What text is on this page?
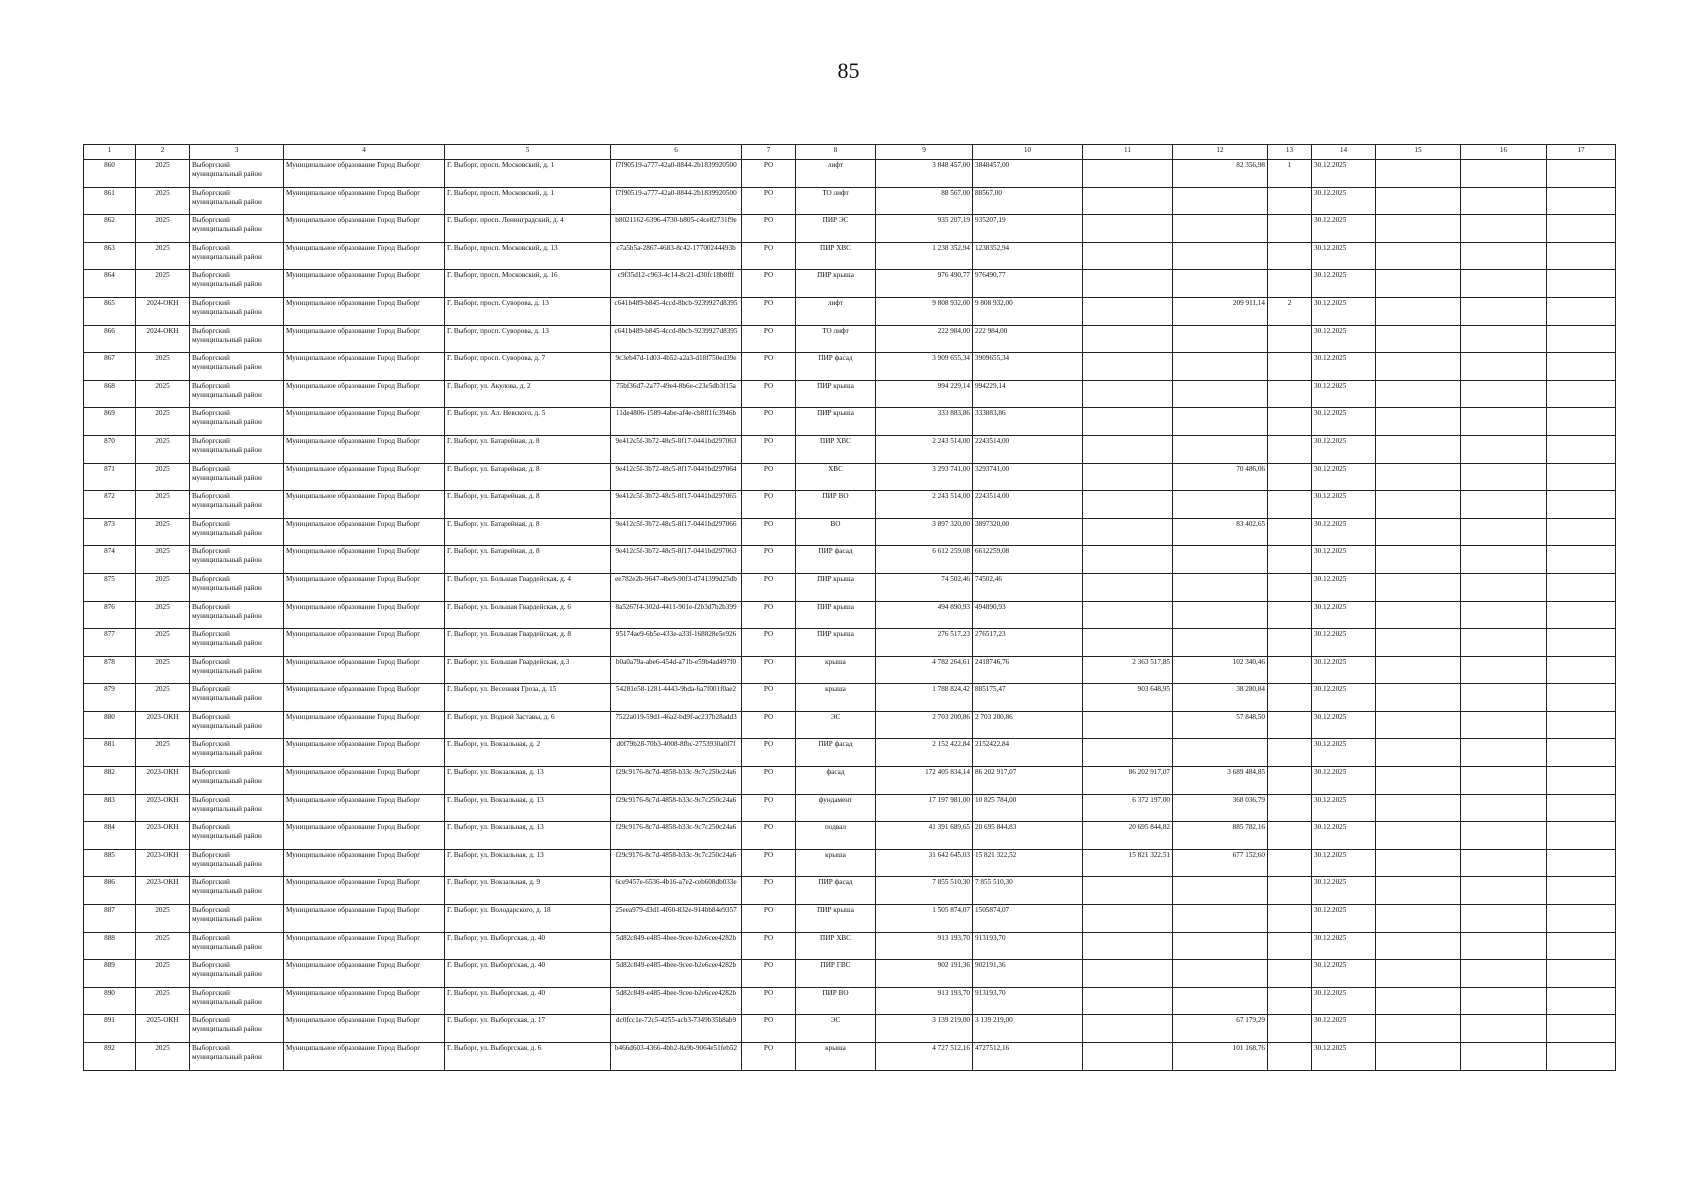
85
1	2	3	4	5	6	7	8	9	10	11	12	13	14	15	16	17
860	2025	Выборгский муниципальный район	Муниципальное образование Город Выборг	Г. Выборг, просп. Московский, д. 1	f7f90519-a777-42a0-8844-2b1839920500	РО	лифт	3 848 457,00	3848457,00		82 356,98	1	30.12.2025			
861	2025	Выборгский муниципальный район	Муниципальное образование Город Выборг	Г. Выборг, просп. Московский, д. 1	f7f90519-a777-42a0-8844-2b1839920500	РО	ТО лифт	88 567,00	88567,00				30.12.2025			
862	2025	Выборгский муниципальный район	Муниципальное образование Город Выборг	Г. Выборг, просп. Ленинградский, д. 4	b8021162-6396-4730-b805-c4ce82731f9e	РО	ПИР ЭС	935 207,19	935207,19				30.12.2025			
863	2025	Выборгский муниципальный район	Муниципальное образование Город Выборг	Г. Выборг, просп. Московский, д. 13	c7a5b5a-2867-4683-8c42-17700244493b	РО	ПИР ХВС	1 238 352,94	1238352,94				30.12.2025			
864	2025	Выборгский муниципальный район	Муниципальное образование Город Выборг	Г. Выборг, просп. Московский, д. 16	c9f35d12-c963-4c14-8c21-d30fc18b8fff	РО	ПИР крыша	976 490,77	976490,77				30.12.2025			
865	2024-ОКН	Выборгский муниципальный район	Муниципальное образование Город Выборг	Г. Выборг, просп. Суворова, д. 13	c641b489-b845-4ccd-8bcb-9239927d8395	РО	лифт	9 808 932,00	9 808 932,00		209 911,14	2	30.12.2025			
866	2024-ОКН	Выборгский муниципальный район	Муниципальное образование Город Выборг	Г. Выборг, просп. Суворова, д. 13	c641b489-b845-4ccd-8bcb-9239927d8395	РО	ТО лифт	222 984,00	222 984,00				30.12.2025			
867	2025	Выборгский муниципальный район	Муниципальное образование Город Выборг	Г. Выборг, просп. Суворова, д. 7	9c3eb47d-1d03-4b52-a2a3-d18f750ed39e	РО	ПИР фасад	3 909 655,34	3909655,34				30.12.2025			
868	2025	Выборгский муниципальный район	Муниципальное образование Город Выборг	Г. Выборг, ул. Акулова, д. 2	75bf36d7-2a77-49e4-8b6e-c23e5db3f15a	РО	ПИР крыша	994 229,14	994229,14				30.12.2025			
869	2025	Выборгский муниципальный район	Муниципальное образование Город Выборг	Г. Выборг, ул. Ал. Невского, д. 5	11de4806-1589-4abe-af4e-cb8ff1fc3946b	РО	ПИР крыша	333 883,86	333883,86				30.12.2025			
870	2025	Выборгский муниципальный район	Муниципальное образование Город Выборг	Г. Выборг, ул. Батарейная, д. 8	9e412c5f-3b72-48c5-8f17-0441bd297063	РО	ПИР ХВС	2 243 514,00	2243514,00				30.12.2025			
871	2025	Выборгский муниципальный район	Муниципальное образование Город Выборг	Г. Выборг, ул. Батарейная, д. 8	9e412c5f-3b72-48c5-8f17-0441bd297064	РО	ХВС	3 293 741,00	3293741,00		70 486,06		30.12.2025			
872	2025	Выборгский муниципальный район	Муниципальное образование Город Выборг	Г. Выборг, ул. Батарейная, д. 8	9e412c5f-3b72-48c5-8f17-0441bd297065	РО	ПИР ВО	2 243 514,00	2243514,00				30.12.2025			
873	2025	Выборгский муниципальный район	Муниципальное образование Город Выборг	Г. Выборг, ул. Батарейная, д. 8	9e412c5f-3b72-48c5-8f17-0441bd297066	РО	ВО	3 897 320,00	3897320,00		83 402,65		30.12.2025			
874	2025	Выборгский муниципальный район	Муниципальное образование Город Выборг	Г. Выборг, ул. Батарейная, д. 8	9e412c5f-3b72-48c5-8f17-0441bd297063	РО	ПИР фасад	6 612 259,08	6612259,08				30.12.2025			
875	2025	Выборгский муниципальный район	Муниципальное образование Город Выборг	Г. Выборг, ул. Большая Гвардейская, д. 4	ee782e2b-9647-4be9-90f3-d741399d25db	РО	ПИР крыша	74 502,46	74502,46				30.12.2025			
876	2025	Выборгский муниципальный район	Муниципальное образование Город Выборг	Г. Выборг, ул. Большая Гвардейская, д. 6	8a5267f4-302d-4411-901e-f2b3d7b2b399	РО	ПИР крыша	494 890,93	494890,93				30.12.2025			
877	2025	Выборгский муниципальный район	Муниципальное образование Город Выборг	Г. Выборг, ул. Большая Гвардейская, д. 8	95174ae9-6b5e-433e-a33f-168828e5e926	РО	ПИР крыша	276 517,23	276517,23				30.12.2025			
878	2025	Выборгский муниципальный район	Муниципальное образование Город Выборг	Г. Выборг, ул. Большая Гвардейская, д.3	b0a0a79a-abe6-454d-a71b-e59b4ad497f0	РО	крыша	4 782 264,61	2418746,76	2 363 517,85	102 340,46		30.12.2025			
879	2025	Выборгский муниципальный район	Муниципальное образование Город Выборг	Г. Выборг, ул. Весенняя Гроза, д. 15	54281e58-1281-4443-9bda-6a7f001f0ae2	РО	крыша	1 788 824,42	885175,47	903 648,95	38 280,84		30.12.2025			
880	2023-ОКН	Выборгский муниципальный район	Муниципальное образование Город Выборг	Г. Выборг, ул. Водной Заставы, д. 6	7522a019-59d1-46a2-bd9f-ac237b28add3	РО	ЭС	2 703 200,86	2 703 200,86		57 848,50		30.12.2025			
881	2025	Выборгский муниципальный район	Муниципальное образование Город Выборг	Г. Выборг, ул. Вокзальная, д. 2	d0f79b28-70b3-4008-8fbc-2753930a0f7f	РО	ПИР фасад	2 152 422,84	2152422,84				30.12.2025			
882	2023-ОКН	Выборгский муниципальный район	Муниципальное образование Город Выборг	Г. Выборг, ул. Вокзальная, д. 13	f29c9176-8c7d-4858-b33c-9c7c250c24a6	РО	фасад	172 405 834,14	86 202 917,07	86 202 917,07	3 689 484,85		30.12.2025			
883	2023-ОКН	Выборгский муниципальный район	Муниципальное образование Город Выборг	Г. Выборг, ул. Вокзальная, д. 13	f29c9176-8c7d-4858-b33c-9c7c250c24a6	РО	фундамент	17 197 981,00	10 825 784,00	6 372 197,00	368 036,79		30.12.2025			
884	2023-ОКН	Выборгский муниципальный район	Муниципальное образование Город Выборг	Г. Выборг, ул. Вокзальная, д. 13	f29c9176-8c7d-4858-b33c-9c7c250c24a6	РО	подвал	41 391 689,65	20 695 844,83	20 695 844,82	885 782,16		30.12.2025			
885	2023-ОКН	Выборгский муниципальный район	Муниципальное образование Город Выборг	Г. Выборг, ул. Вокзальная, д. 13	f29c9176-8c7d-4858-b33c-9c7c250c24a6	РО	крыша	31 642 645,03	15 821 322,52	15 821 322,51	677 152,60		30.12.2025			
886	2023-ОКН	Выборгский муниципальный район	Муниципальное образование Город Выборг	Г. Выборг, ул. Вокзальная, д. 9	6ce9457e-6536-4b16-a7e2-ceb608db033e	РО	ПИР фасад	7 855 510,30	7 855 510,30				30.12.2025			
887	2025	Выборгский муниципальный район	Муниципальное образование Город Выборг	Г. Выборг, ул. Володарского, д. 18	25eea979-d3d1-4f60-832e-914bb84e9357	РО	ПИР крыша	1 505 874,07	1505874,07				30.12.2025			
888	2025	Выборгский муниципальный район	Муниципальное образование Город Выборг	Г. Выборг, ул. Выборгская, д. 40	5d82c849-e485-4bee-9cee-b2e6cee4282b	РО	ПИР ХВС	913 193,70	913193,70				30.12.2025			
889	2025	Выборгский муниципальный район	Муниципальное образование Город Выборг	Г. Выборг, ул. Выборгская, д. 40	5d82c849-e485-4bee-9cee-b2e6cee4282b	РО	ПИР ГВС	902 191,36	902191,36				30.12.2025			
890	2025	Выборгский муниципальный район	Муниципальное образование Город Выборг	Г. Выборг, ул. Выборгская, д. 40	5d82c849-e485-4bee-9cee-b2e6cee4282b	РО	ПИР ВО	913 193,70	913193,70				30.12.2025			
891	2025-ОКН	Выборгский муниципальный район	Муниципальное образование Город Выборг	Г. Выборг, ул. Выборгская, д. 17	dc0fcc1e-72c5-4255-acb3-7349b35b8ab9	РО	ЭС	3 139 219,00	3 139 219,00		67 179,29		30.12.2025			
892	2025	Выборгский муниципальный район	Муниципальное образование Город Выборг	Г. Выборг, ул. Выборгская, д. 6	b466d603-4366-4bb2-8a9b-9064e51feb52	РО	крыша	4 727 512,16	4727512,16		101 168,76		30.12.2025			
